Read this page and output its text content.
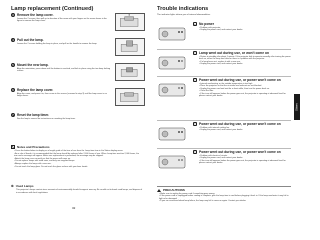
Lamp replacement (Continued)
3	Remove the lamp cover.
Loosen the 2 screws, then pull up to direction of the arrow with your fingers as the arrow shown in the figure to remove the lamp cover.
4	Pull out the lamp.
Loosen the 2 screws holding the lamp in place, and pull on the handle to remove the lamp.
5	Mount the new lamp.
Align the orientation, press down until the bottom is reached, and lock in place using the two lamp locking screws.
6	Replace the lamp cover.
Align the cover, and press it in, then screw in the screws (screwed in step 3) until the lamp cover is no longer loose.
7	Reset the lamp timer.
See the lamp's manual for instructions on resetting the lamp timer.
✎ Notes and Precautions
• Press the button below to display on a length guide of the time of use from the Lamp time item in the Status display menu.
• As a rule of thumb, it is recommended that the lamp should be replaced after 2,000 hours of use. When Lamp time reaches 2,000 hours, the icon and a message will appear. Make sure replacement is performed; the message may be skipped.
• Attach the lamp cover correctly so that the power will come on.
• Do not replace lamps with used ones, and only use supplied lamps.
• Always replace the lamp with a new one.
• Do not touch the lamp glass. Do not touch the glass surface with your bare hands.
♻ Used Lamps
This projector's lamps contain trace amounts of environmentally harmful inorganic mercury. Be careful not to break used lamps, and dispose of in accordance with local regulations.
32
Trouble indications
The indicator lights inform you of internal abnormalities.
+ No power
• Problem with projector.
• Unplug the power cord, and contact your dealer.
!	Lamp went out during use, or won't come on
• Return to standby after about 1 minute. If the projector fails to operate normally after turning the power back on, either the lamp has failed or there is a problem with the projector.
• If a lamp burns out, replace it with a new one.
• Unplug the power cord, and contact your dealer.
!	Power went out during use, or power won't come on
• Internal overheating, or the outside temperature is too high.
• Place the projector so that the air intake and exhaust are not blocked.
• Unplug the power cord and wait for a short while, then turn the power back on.
• Clean the filter.
• If the icon still appears before the power goes out, the projector is operating at abnormal level for please contact your dealer.
!	Power went out during use, or power won't come on
• Problem with internal cooling fan.
• Unplug the power cord, and contact your dealer.
!	Power went out during use, or power won't come on
• Problem with electrical circuits.
• Unplug the power cord, and contact your dealer.
• If the icon still appears before the power goes out, the projector is operating at abnormal level for please contact your dealer.
PRECAUTIONS
• Make sure to unplug the power cord if something goes wrong.
• If the power cord is unplugged before cooling is complete, give the lamp time to cool before plugging it back in. If the lamp overheats it may fail to light or be damaged.
• If you are concerned about lamp failure, the lamp may fail to come on again. Contact your dealer.
Others
